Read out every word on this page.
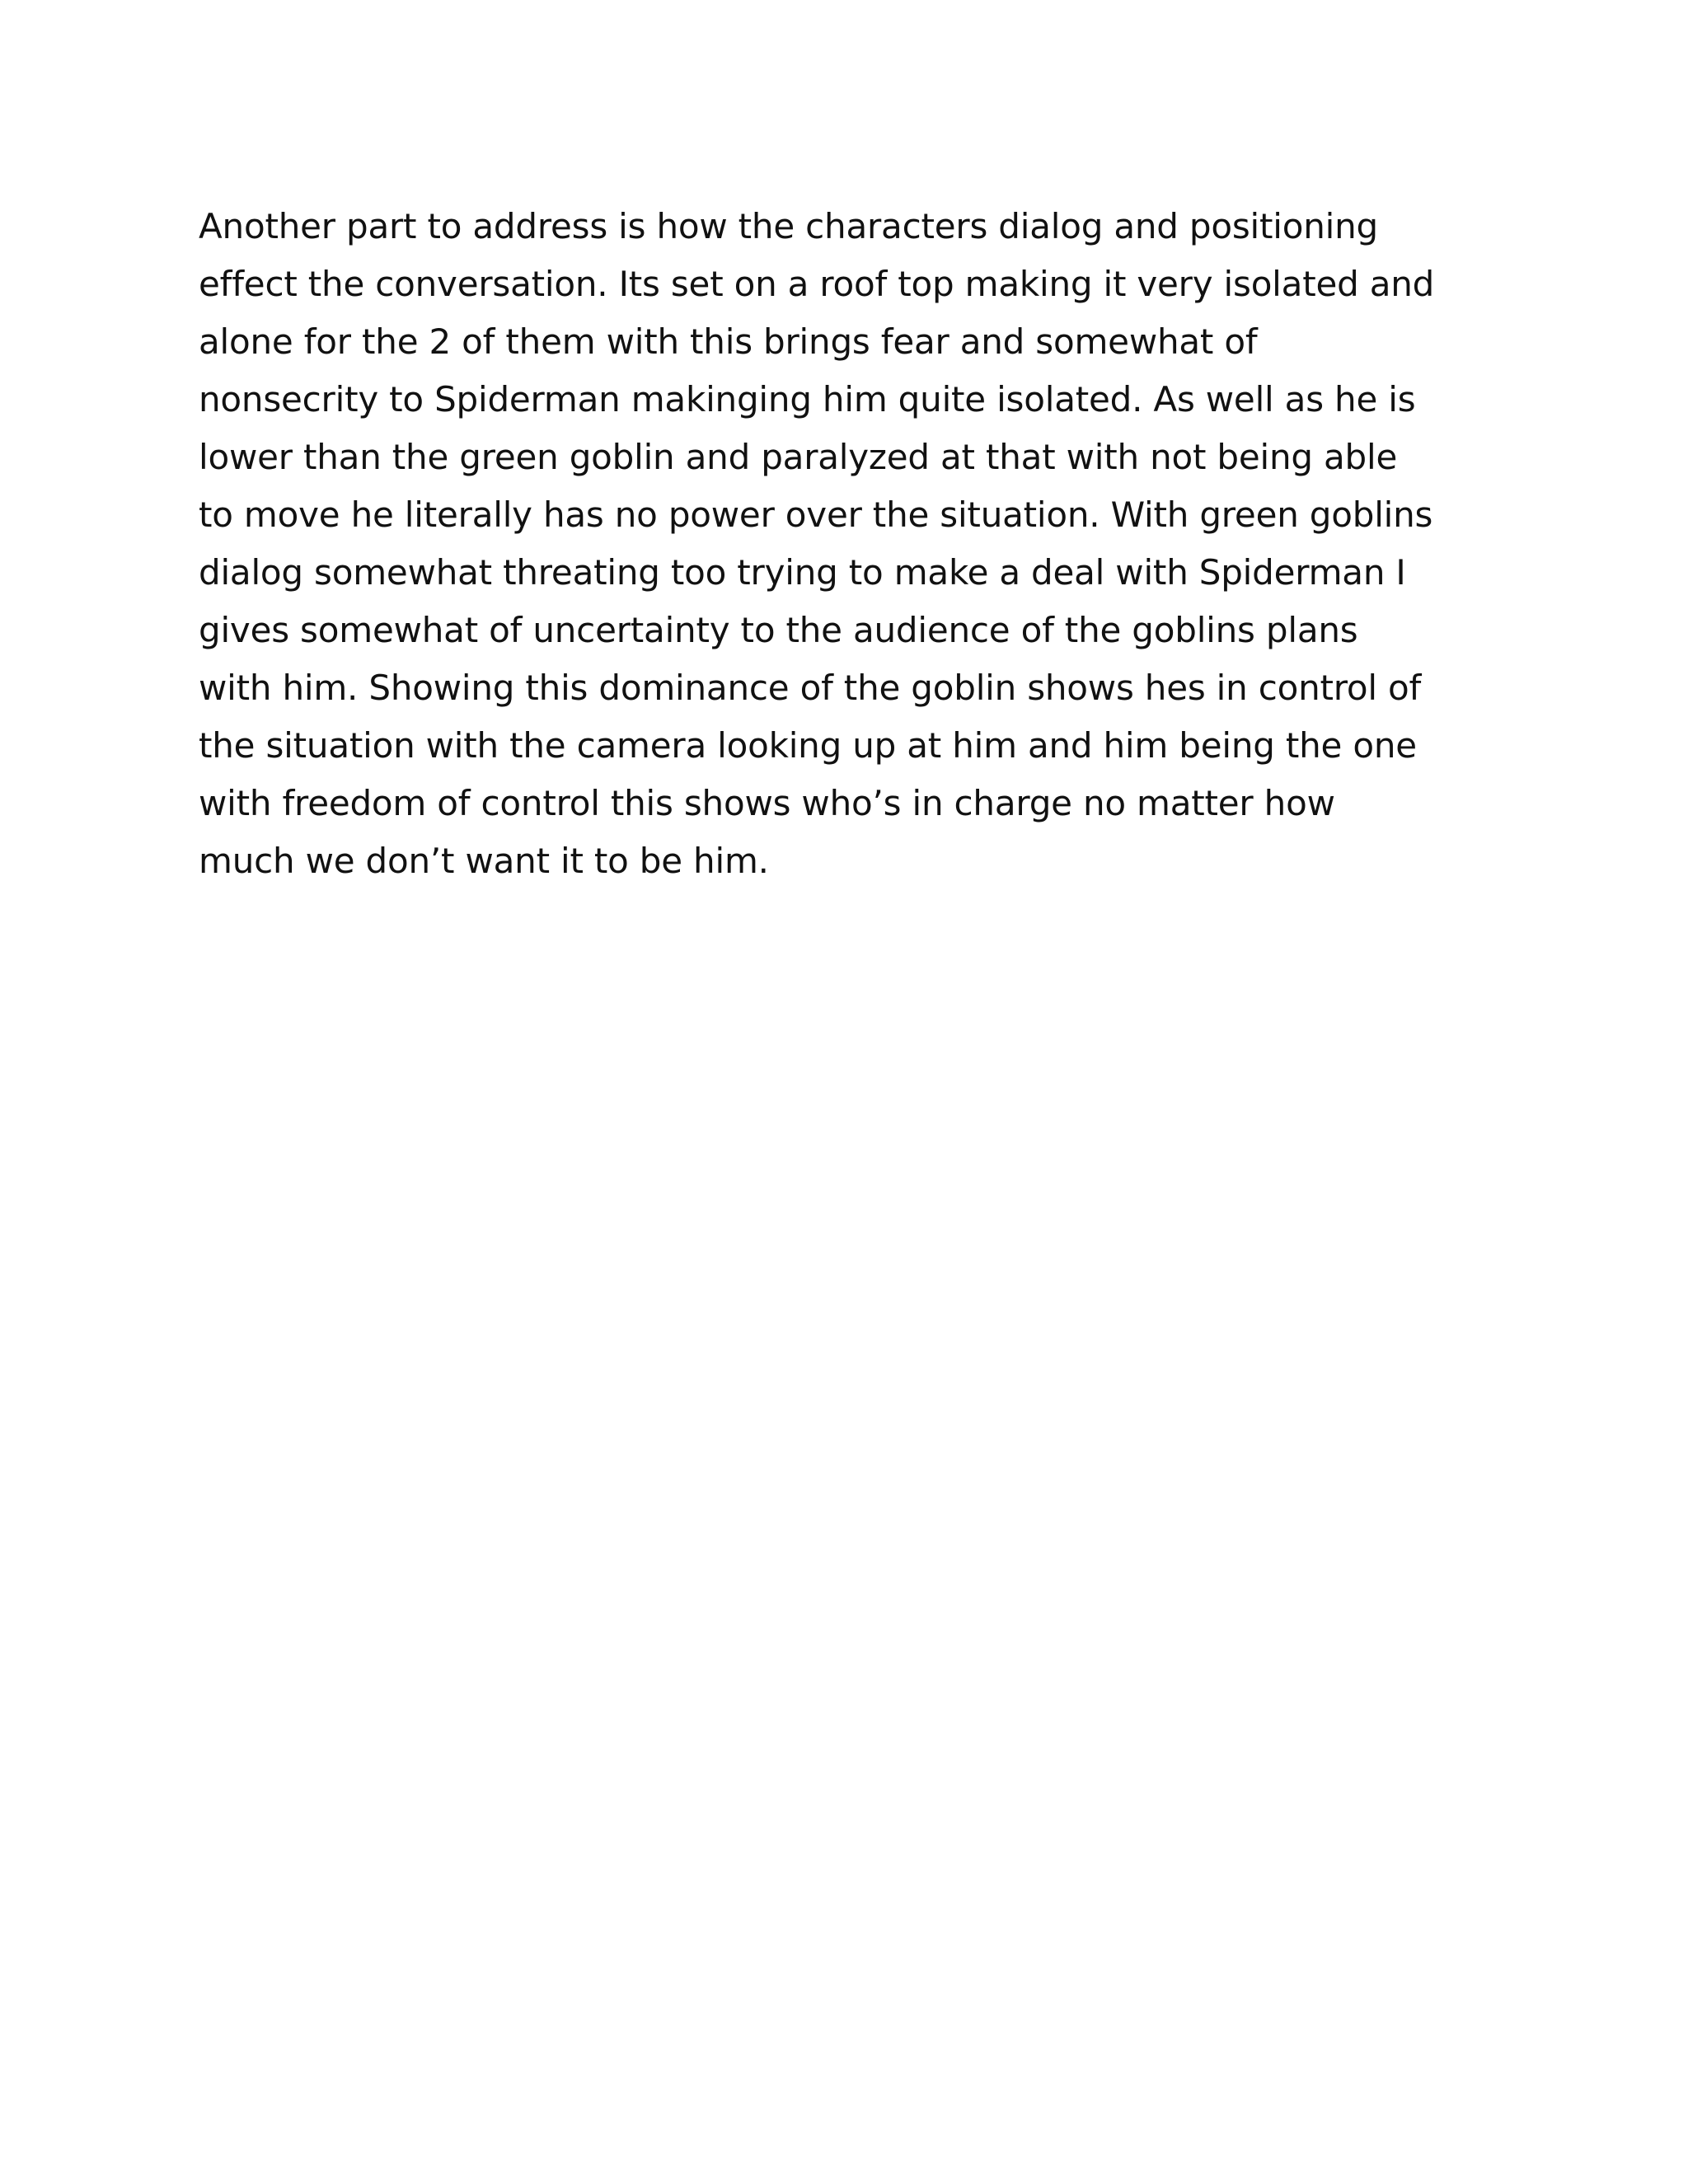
Another part to address is how the characters dialog and positioning
effect the conversation. Its set on a roof top making it very isolated and
alone for the 2 of them with this brings fear and somewhat of
nonsecrity to Spiderman makinging him quite isolated. As well as he is
lower than the green goblin and paralyzed at that with not being able
to move he literally has no power over the situation. With green goblins
dialog somewhat threating too trying to make a deal with Spiderman I
gives somewhat of uncertainty to the audience of the goblins plans
with him. Showing this dominance of the goblin shows hes in control of
the situation with the camera looking up at him and him being the one
with freedom of control this shows who’s in charge no matter how
much we don’t want it to be him.
